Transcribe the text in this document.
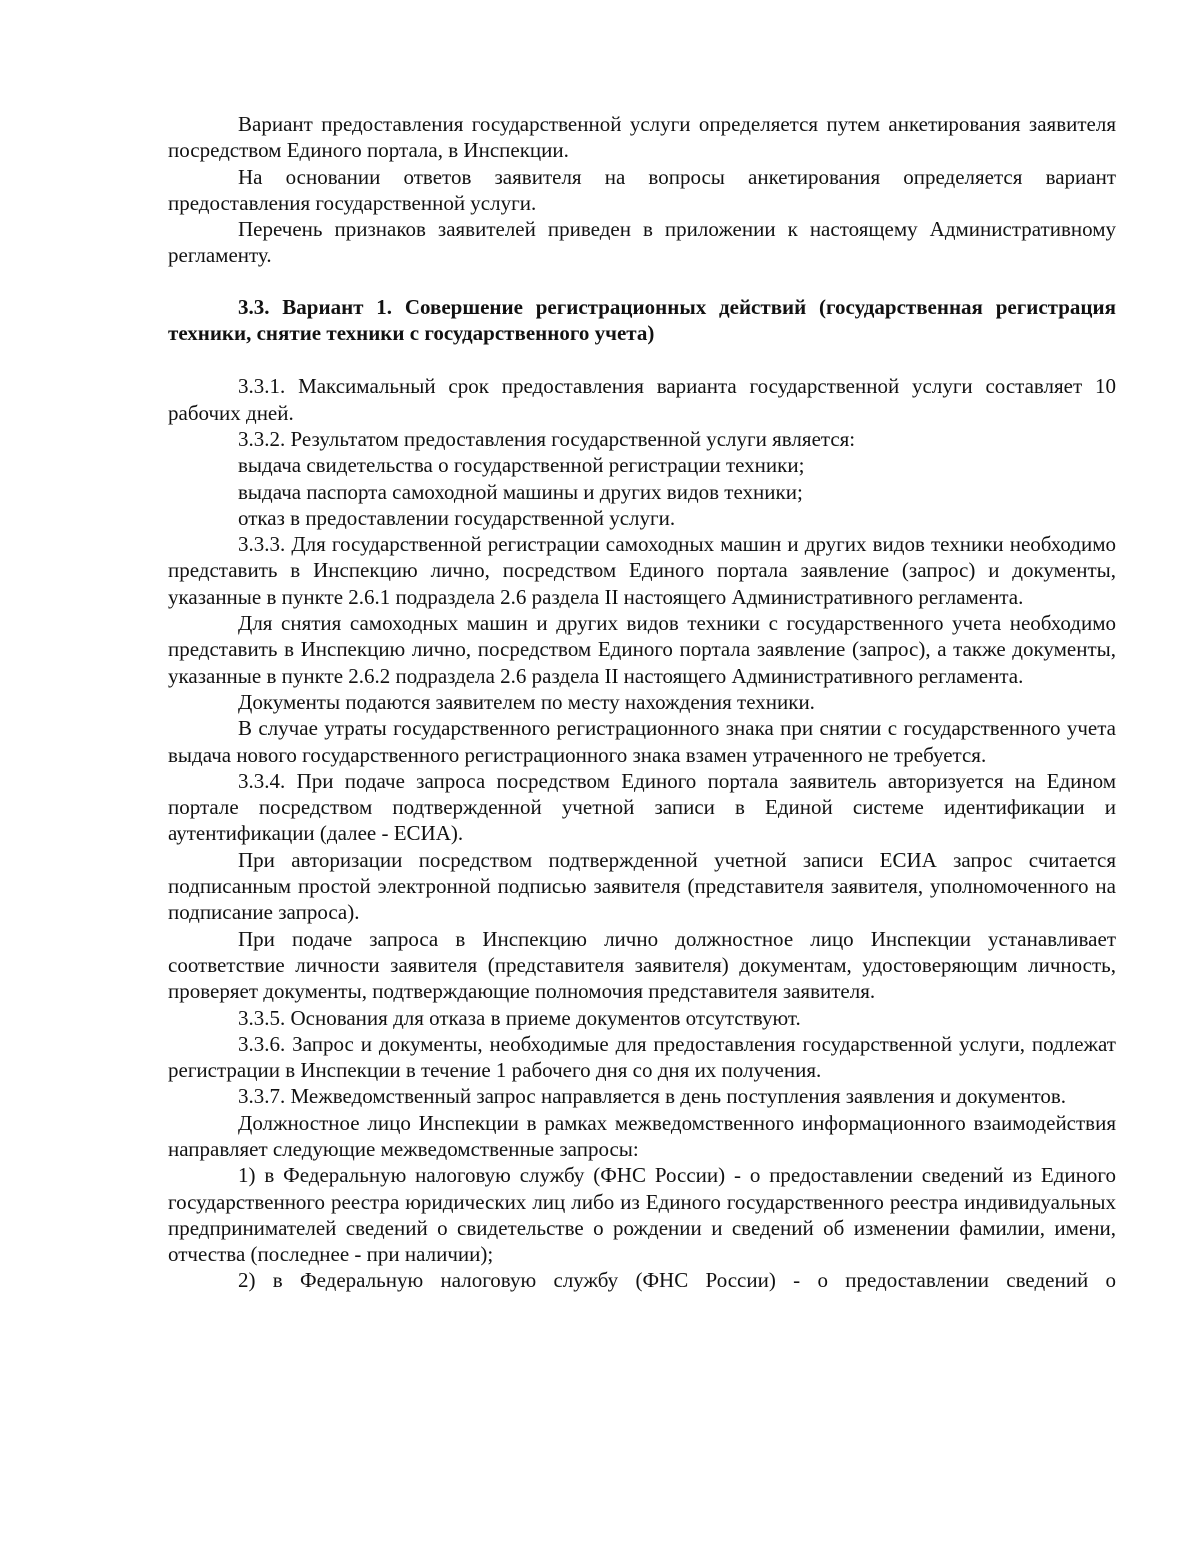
Вариант предоставления государственной услуги определяется путем анкетирования заявителя посредством Единого портала, в Инспекции.

На основании ответов заявителя на вопросы анкетирования определяется вариант предоставления государственной услуги.

Перечень признаков заявителей приведен в приложении к настоящему Административному регламенту.

3.3. Вариант 1. Совершение регистрационных действий (государственная регистрация техники, снятие техники с государственного учета)

3.3.1. Максимальный срок предоставления варианта государственной услуги составляет 10 рабочих дней.

3.3.2. Результатом предоставления государственной услуги является:

выдача свидетельства о государственной регистрации техники;

выдача паспорта самоходной машины и других видов техники;

отказ в предоставлении государственной услуги.

3.3.3. Для государственной регистрации самоходных машин и других видов техники необходимо представить в Инспекцию лично, посредством Единого портала заявление (запрос) и документы, указанные в пункте 2.6.1 подраздела 2.6 раздела II настоящего Административного регламента.

Для снятия самоходных машин и других видов техники с государственного учета необходимо представить в Инспекцию лично, посредством Единого портала заявление (запрос), а также документы, указанные в пункте 2.6.2 подраздела 2.6 раздела II настоящего Административного регламента.

Документы подаются заявителем по месту нахождения техники.

В случае утраты государственного регистрационного знака при снятии с государственного учета выдача нового государственного регистрационного знака взамен утраченного не требуется.

3.3.4. При подаче запроса посредством Единого портала заявитель авторизуется на Едином портале посредством подтвержденной учетной записи в Единой системе идентификации и аутентификации (далее - ЕСИА).

При авторизации посредством подтвержденной учетной записи ЕСИА запрос считается подписанным простой электронной подписью заявителя (представителя заявителя, уполномоченного на подписание запроса).

При подаче запроса в Инспекцию лично должностное лицо Инспекции устанавливает соответствие личности заявителя (представителя заявителя) документам, удостоверяющим личность, проверяет документы, подтверждающие полномочия представителя заявителя.

3.3.5. Основания для отказа в приеме документов отсутствуют.

3.3.6. Запрос и документы, необходимые для предоставления государственной услуги, подлежат регистрации в Инспекции в течение 1 рабочего дня со дня их получения.

3.3.7. Межведомственный запрос направляется в день поступления заявления и документов.

Должностное лицо Инспекции в рамках межведомственного информационного взаимодействия направляет следующие межведомственные запросы:

1) в Федеральную налоговую службу (ФНС России) - о предоставлении сведений из Единого государственного реестра юридических лиц либо из Единого государственного реестра индивидуальных предпринимателей сведений о свидетельстве о рождении и сведений об изменении фамилии, имени, отчества (последнее - при наличии);

2) в Федеральную налоговую службу (ФНС России) - о предоставлении сведений о
